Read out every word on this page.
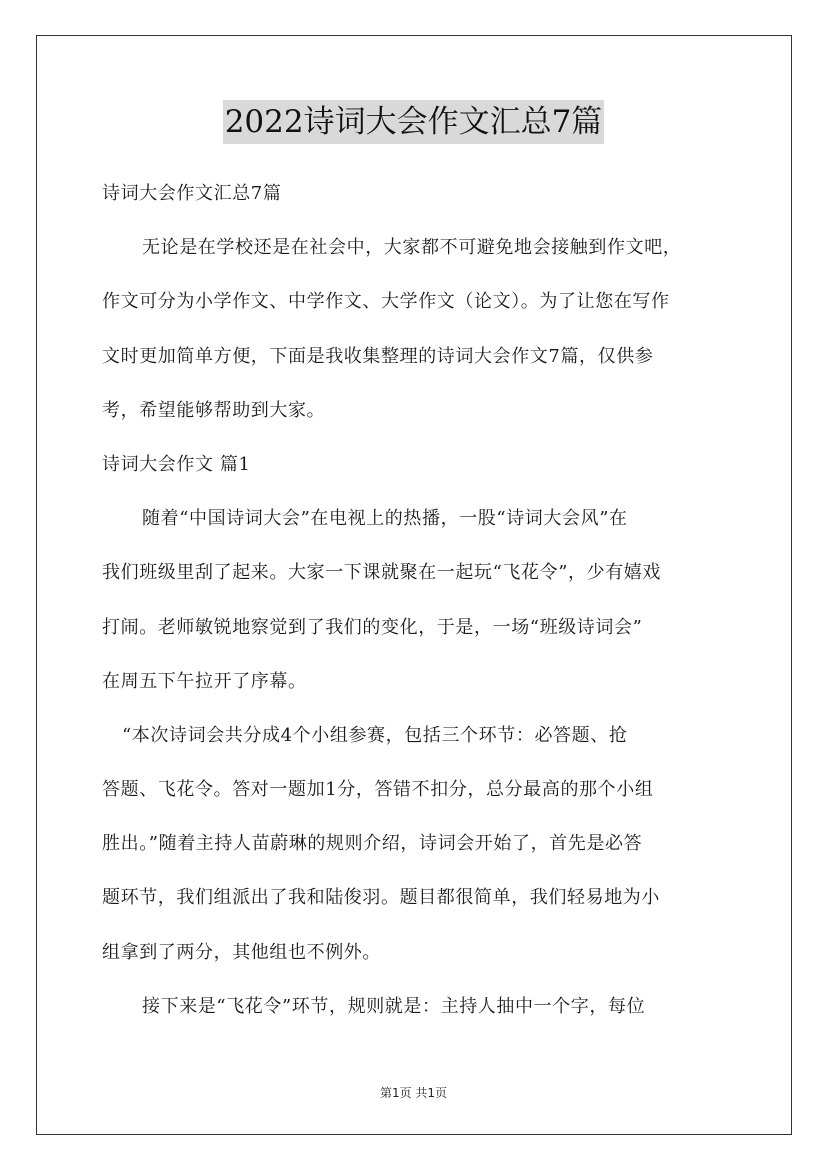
2022诗词大会作文汇总7篇
诗词大会作文汇总7篇
无论是在学校还是在社会中，大家都不可避免地会接触到作文吧，
作文可分为小学作文、中学作文、大学作文（论文）。为了让您在写作
文时更加简单方便，下面是我收集整理的诗词大会作文7篇，仅供参
考，希望能够帮助到大家。
诗词大会作文 篇1
随着“中国诗词大会”在电视上的热播，一股“诗词大会风”在
我们班级里刮了起来。大家一下课就聚在一起玩“飞花令”，少有嬉戏
打闹。老师敏锐地察觉到了我们的变化，于是，一场“班级诗词会”
在周五下午拉开了序幕。
“本次诗词会共分成4个小组参赛，包括三个环节：必答题、抢
答题、飞花令。答对一题加1分，答错不扣分，总分最高的那个小组
胜出。”随着主持人苗蔚琳的规则介绍，诗词会开始了，首先是必答
题环节，我们组派出了我和陆俊羽。题目都很简单，我们轻易地为小
组拿到了两分，其他组也不例外。
接下来是“飞花令”环节，规则就是：主持人抽中一个字，每位
第1页 共1页
